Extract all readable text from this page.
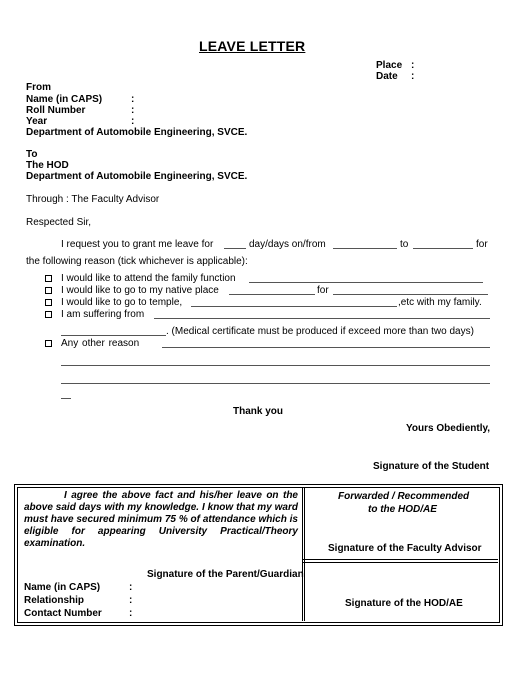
LEAVE LETTER
Place :
Date :
From
Name (in CAPS)	:
Roll Number	:
Year	:
Department of Automobile Engineering, SVCE.
To
The HOD
Department of Automobile Engineering, SVCE.
Through : The Faculty Advisor
Respected Sir,
I request you to grant me leave for	day/days on/from	to	for
the following reason (tick whichever is applicable):
I would like to attend the family function
I would like to go to my native place	for
I would like to go to temple,	,etc with my family.
I am suffering from
. (Medical certificate must be produced if exceed more than two days)
Any other reason
Thank you
Yours Obediently,
Signature of the Student
I agree the above fact and his/her leave on the above said days with my knowledge. I know that my ward must have secured minimum 75 % of attendance which is eligible for appearing University Practical/Theory examination.
Signature of the Parent/Guardian
Name (in CAPS)	:
Relationship	:
Contact Number	:
Forwarded / Recommended
to the HOD/AE
Signature of the Faculty Advisor
Signature of the HOD/AE
